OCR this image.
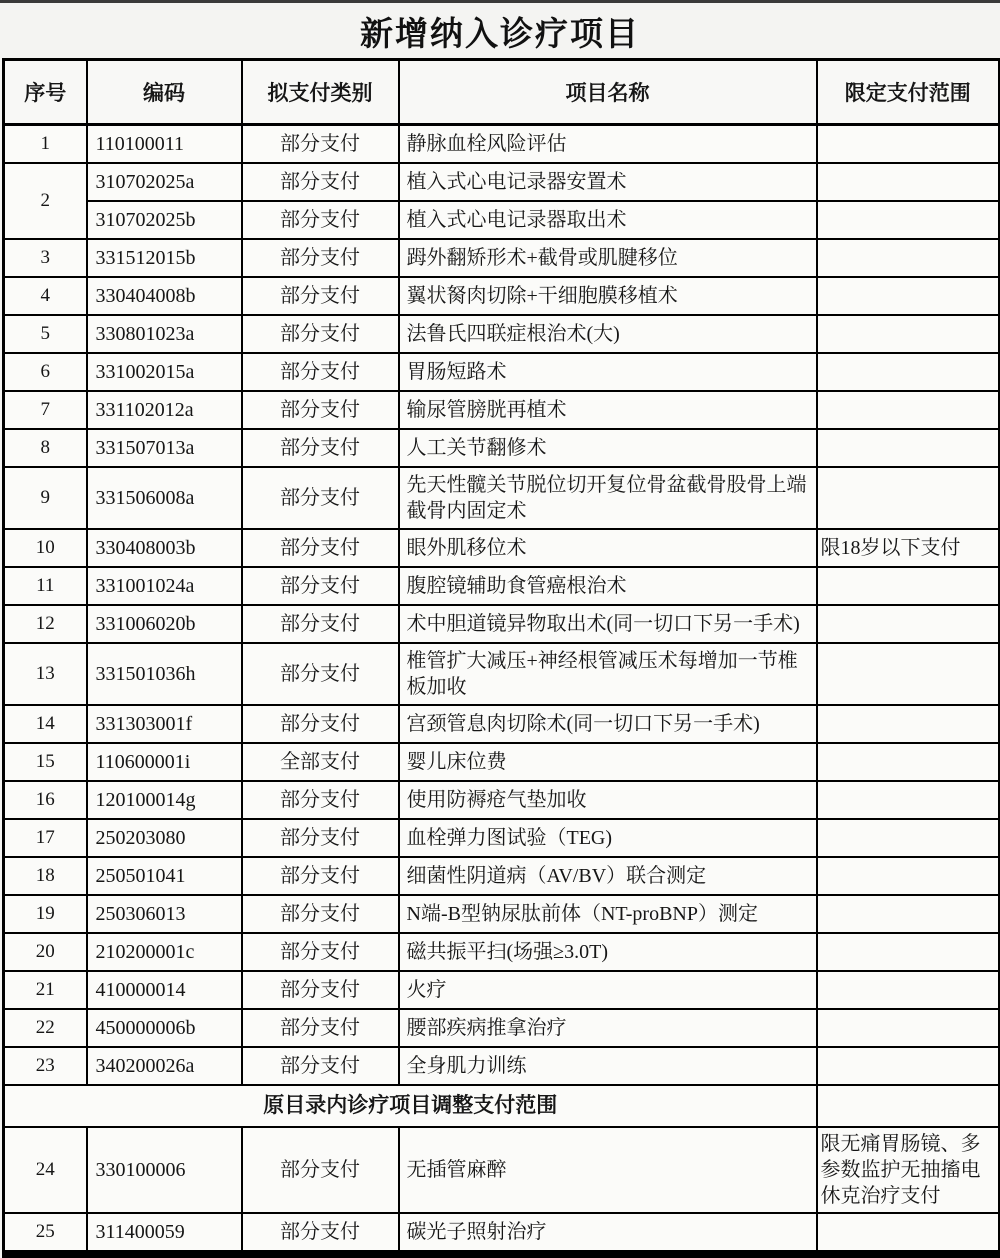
新增纳入诊疗项目
序号	编码	拟支付类别	项目名称	限定支付范围
1	110100011	部分支付	静脉血栓风险评估	
2	310702025a	部分支付	植入式心电记录器安置术	
	310702025b	部分支付	植入式心电记录器取出术	
3	331512015b	部分支付	𧿹外翻矫形术+截骨或肌腱移位	
4	330404008b	部分支付	翼状胬肉切除+干细胞膜移植术	
5	330801023a	部分支付	法鲁氏四联症根治术(大)	
6	331002015a	部分支付	胃肠短路术	
7	331102012a	部分支付	输尿管膀胱再植术	
8	331507013a	部分支付	人工关节翻修术	
9	331506008a	部分支付	先天性髋关节脱位切开复位骨盆截骨股骨上端截骨内固定术	
10	330408003b	部分支付	眼外肌移位术	限18岁以下支付
11	331001024a	部分支付	腹腔镜辅助食管癌根治术	
12	331006020b	部分支付	术中胆道镜异物取出术(同一切口下另一手术)	
13	331501036h	部分支付	椎管扩大减压+神经根管减压术每增加一节椎板加收	
14	331303001f	部分支付	宫颈管息肉切除术(同一切口下另一手术)	
15	110600001i	全部支付	婴儿床位费	
16	120100014g	部分支付	使用防褥疮气垫加收	
17	250203080	部分支付	血栓弹力图试验（TEG)	
18	250501041	部分支付	细菌性阴道病（AV/BV）联合测定	
19	250306013	部分支付	N端-B型钠尿肽前体（NT-proBNP）测定	
20	210200001c	部分支付	磁共振平扫(场强≥3.0T)	
21	410000014	部分支付	火疗	
22	450000006b	部分支付	腰部疾病推拿治疗	
23	340200026a	部分支付	全身肌力训练	
原目录内诊疗项目调整支付范围				
24	330100006	部分支付	无插管麻醉	限无痛胃肠镜、多参数监护无抽搐电休克治疗支付
25	311400059	部分支付	碳光子照射治疗	
